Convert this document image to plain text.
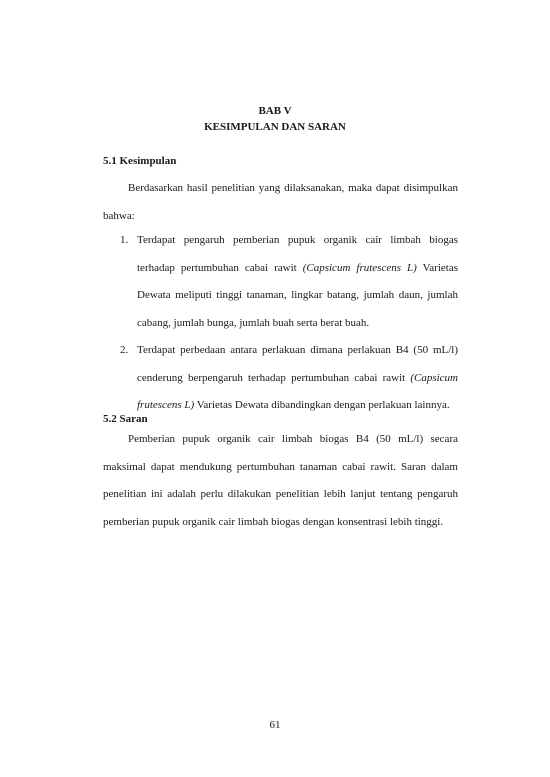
BAB V
KESIMPULAN DAN SARAN
5.1 Kesimpulan

Berdasarkan hasil penelitian yang dilaksanakan, maka dapat disimpulkan bahwa:

1. Terdapat pengaruh pemberian pupuk organik cair limbah biogas terhadap pertumbuhan cabai rawit (Capsicum frutescens L) Varietas Dewata meliputi tinggi tanaman, lingkar batang, jumlah daun, jumlah cabang, jumlah bunga, jumlah buah serta berat buah.
2. Terdapat perbedaan antara perlakuan dimana perlakuan B4 (50 mL/l) cenderung berpengaruh terhadap pertumbuhan cabai rawit (Capsicum frutescens L) Varietas Dewata dibandingkan dengan perlakuan lainnya.
5.2 Saran

Pemberian pupuk organik cair limbah biogas B4 (50 mL/l) secara maksimal dapat mendukung pertumbuhan tanaman cabai rawit. Saran dalam penelitian ini adalah perlu dilakukan penelitian lebih lanjut tentang pengaruh pemberian pupuk organik cair limbah biogas dengan konsentrasi lebih tinggi.

61
